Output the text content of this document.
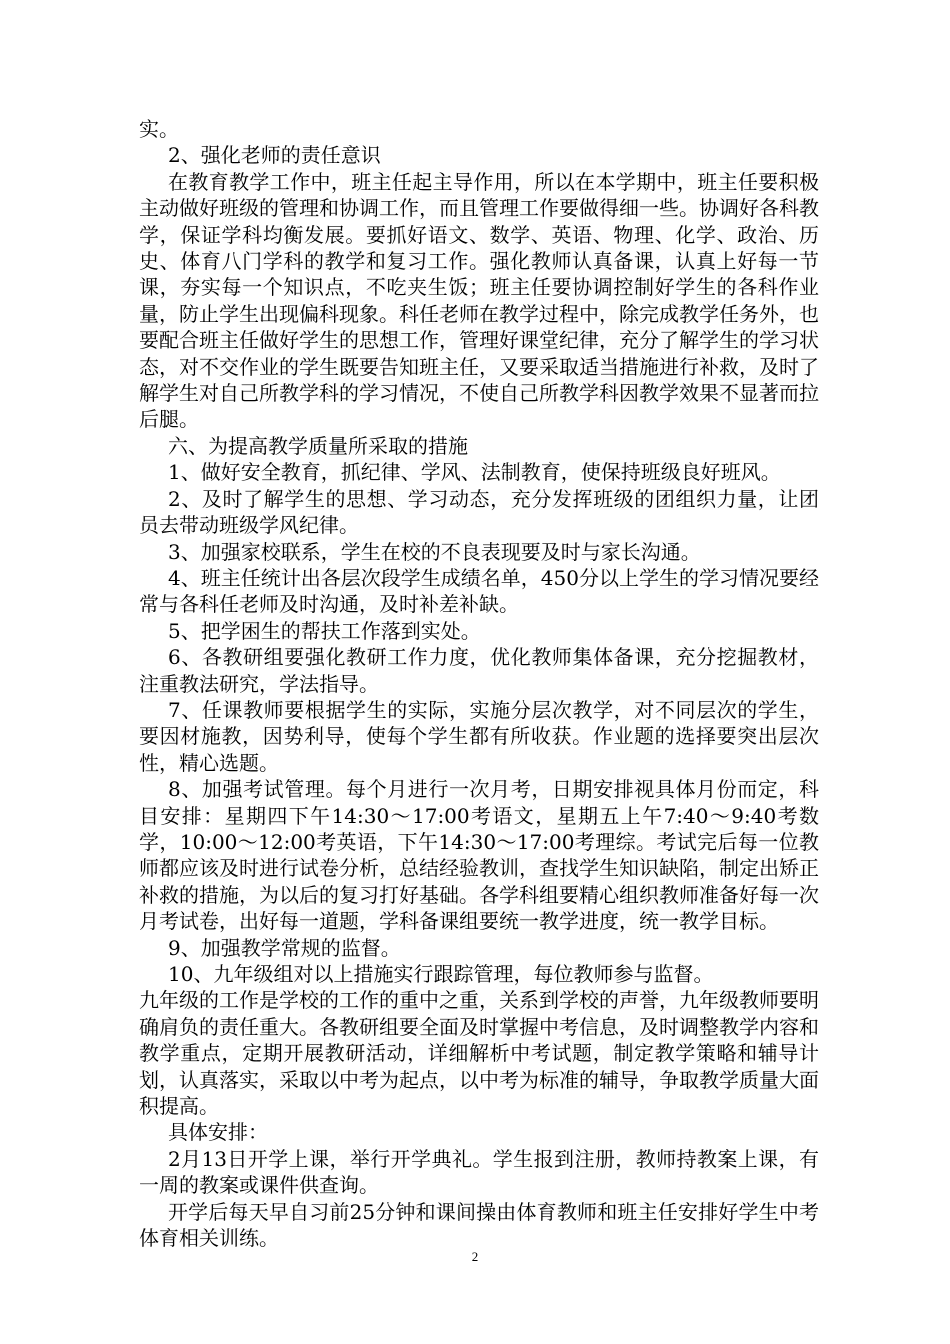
实。

2、强化老师的责任意识

在教育教学工作中，班主任起主导作用，所以在本学期中，班主任要积极主动做好班级的管理和协调工作，而且管理工作要做得细一些。协调好各科教学，保证学科均衡发展。要抓好语文、数学、英语、物理、化学、政治、历史、体育八门学科的教学和复习工作。强化教师认真备课，认真上好每一节课，夯实每一个知识点，不吃夹生饭；班主任要协调控制好学生的各科作业量，防止学生出现偏科现象。科任老师在教学过程中，除完成教学任务外，也要配合班主任做好学生的思想工作，管理好课堂纪律，充分了解学生的学习状态，对不交作业的学生既要告知班主任，又要采取适当措施进行补救，及时了解学生对自己所教学科的学习情况，不使自己所教学科因教学效果不显著而拉后腿。

六、为提高教学质量所采取的措施

1、做好安全教育，抓纪律、学风、法制教育，使保持班级良好班风。

2、及时了解学生的思想、学习动态，充分发挥班级的团组织力量，让团员去带动班级学风纪律。

3、加强家校联系，学生在校的不良表现要及时与家长沟通。

4、班主任统计出各层次段学生成绩名单，450分以上学生的学习情况要经常与各科任老师及时沟通，及时补差补缺。

5、把学困生的帮扶工作落到实处。

6、各教研组要强化教研工作力度，优化教师集体备课，充分挖掘教材，注重教法研究，学法指导。

7、任课教师要根据学生的实际，实施分层次教学，对不同层次的学生，要因材施教，因势利导，使每个学生都有所收获。作业题的选择要突出层次性，精心选题。

8、加强考试管理。每个月进行一次月考，日期安排视具体月份而定，科目安排：星期四下午14:30～17:00考语文，星期五上午7:40～9:40考数学，10:00～12:00考英语，下午14:30～17:00考理综。考试完后每一位教师都应该及时进行试卷分析，总结经验教训，查找学生知识缺陷，制定出矫正补救的措施，为以后的复习打好基础。各学科组要精心组织教师准备好每一次月考试卷，出好每一道题，学科备课组要统一教学进度，统一教学目标。

9、加强教学常规的监督。

10、九年级组对以上措施实行跟踪管理，每位教师参与监督。

九年级的工作是学校的工作的重中之重，关系到学校的声誉，九年级教师要明确肩负的责任重大。各教研组要全面及时掌握中考信息，及时调整教学内容和教学重点，定期开展教研活动，详细解析中考试题，制定教学策略和辅导计划，认真落实，采取以中考为起点，以中考为标准的辅导，争取教学质量大面积提高。

具体安排：

2月13日开学上课，举行开学典礼。学生报到注册，教师持教案上课，有一周的教案或课件供查询。

开学后每天早自习前25分钟和课间操由体育教师和班主任安排好学生中考体育相关训练。

2
